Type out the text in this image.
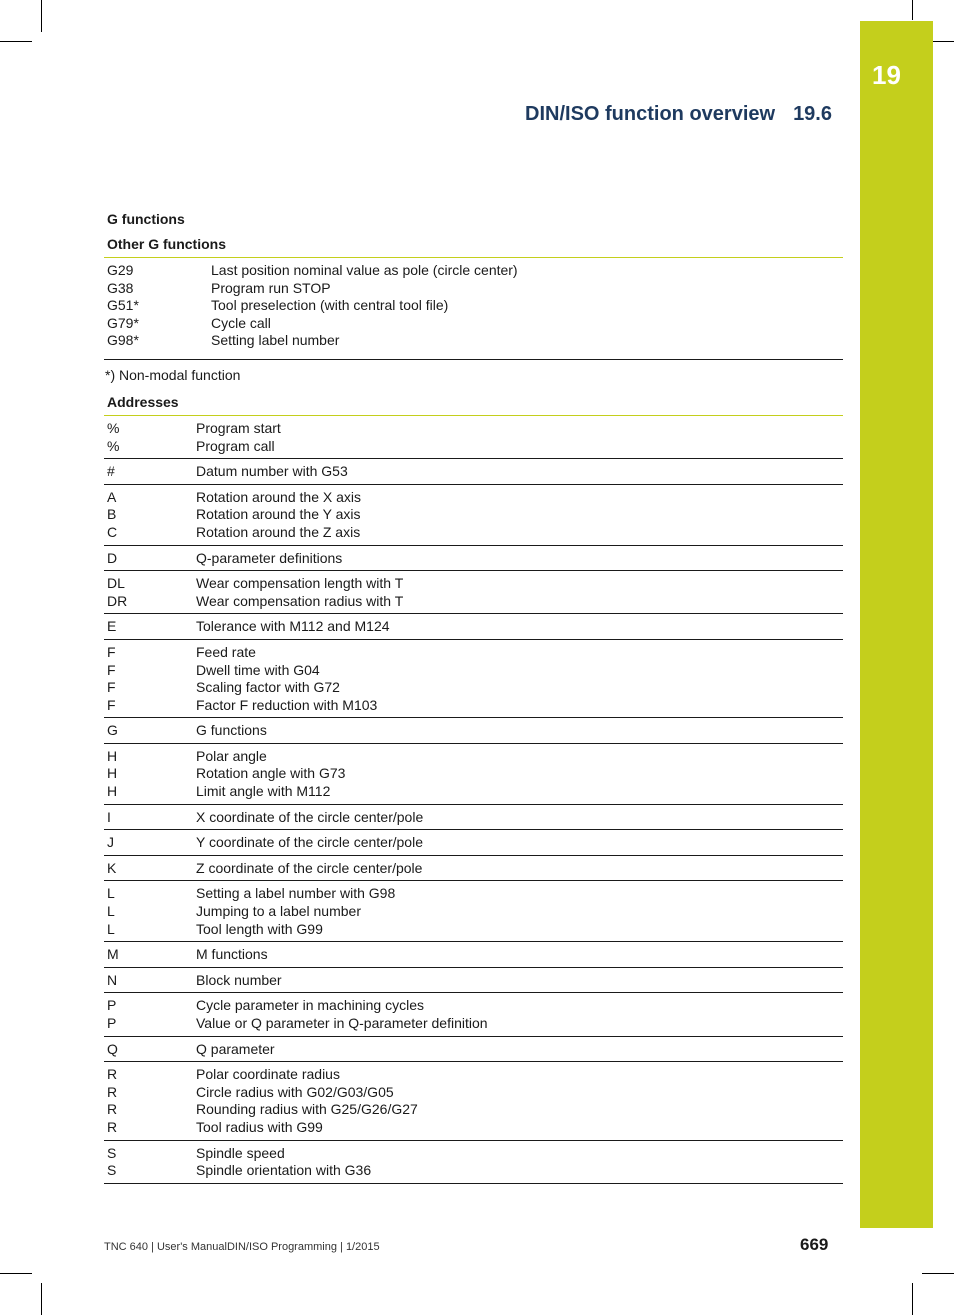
19
DIN/ISO function overview 19.6
G functions
Other G functions
G29	Last position nominal value as pole (circle center)
G38	Program run STOP
G51*	Tool preselection (with central tool file)
G79*	Cycle call
G98*	Setting label number
*) Non-modal function
Addresses
%	Program start
%	Program call
#	Datum number with G53
A	Rotation around the X axis
B	Rotation around the Y axis
C	Rotation around the Z axis
D	Q-parameter definitions
DL	Wear compensation length with T
DR	Wear compensation radius with T
E	Tolerance with M112 and M124
F	Feed rate
F	Dwell time with G04
F	Scaling factor with G72
F	Factor F reduction with M103
G	G functions
H	Polar angle
H	Rotation angle with G73
H	Limit angle with M112
I	X coordinate of the circle center/pole
J	Y coordinate of the circle center/pole
K	Z coordinate of the circle center/pole
L	Setting a label number with G98
L	Jumping to a label number
L	Tool length with G99
M	M functions
N	Block number
P	Cycle parameter in machining cycles
P	Value or Q parameter in Q-parameter definition
Q	Q parameter
R	Polar coordinate radius
R	Circle radius with G02/G03/G05
R	Rounding radius with G25/G26/G27
R	Tool radius with G99
S	Spindle speed
S	Spindle orientation with G36
TNC 640 | User's ManualDIN/ISO Programming | 1/2015	669
